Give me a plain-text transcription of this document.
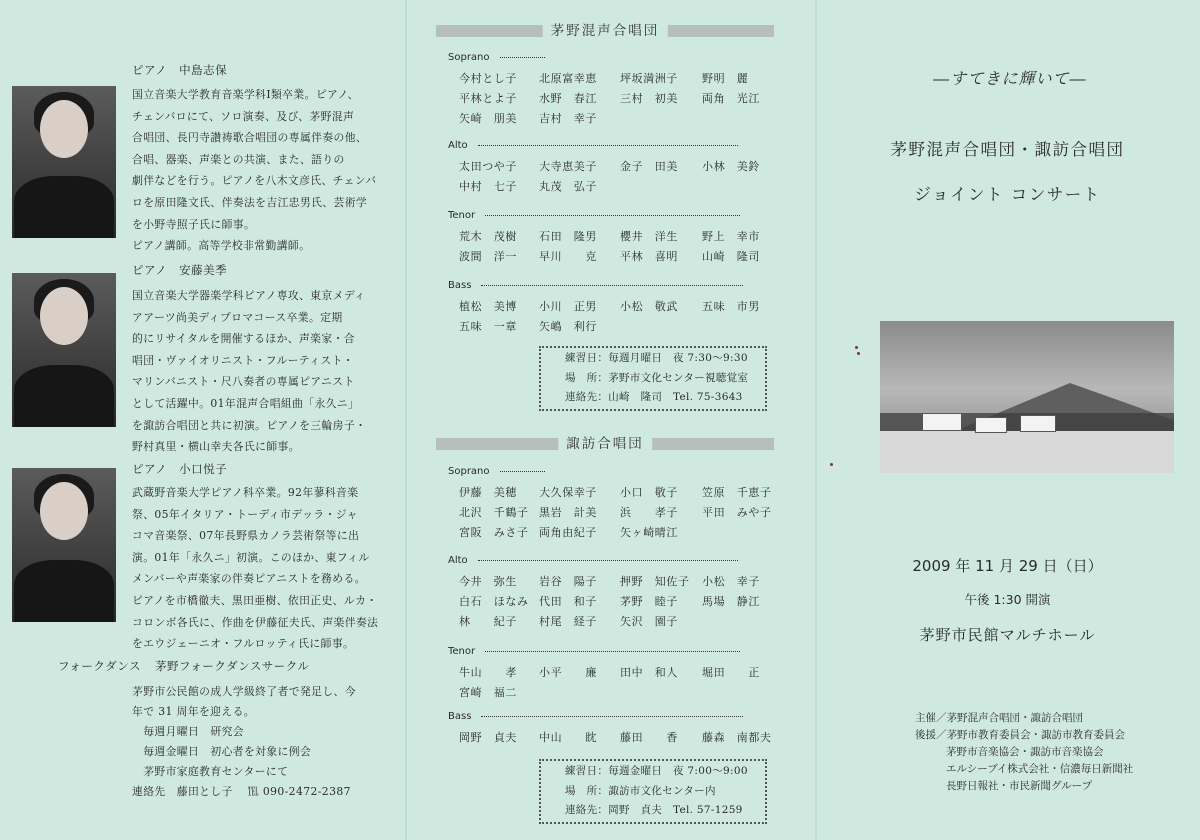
ピアノ 中島志保

国立音楽大学教育音楽学科Ⅰ類卒業。ピアノ、

チェンバロにて、ソロ演奏、及び、茅野混声

合唱団、長円寺讃祷歌合唱団の専属伴奏の他、

合唱、器楽、声楽との共演、また、語りの

劇伴などを行う。ピアノを八木文彦氏、チェンバ

ロを原田隆文氏、伴奏法を吉江忠男氏、芸術学

を小野寺照子氏に師事。

ピアノ講師。高等学校非常勤講師。

ピアノ 安藤美季

国立音楽大学器楽学科ピアノ専攻、東京メディ

アアーツ尚美ディプロマコース卒業。定期

的にリサイタルを開催するほか、声楽家・合

唱団・ヴァイオリニスト・フルーティスト・

マリンバニスト・尺八奏者の専属ピアニスト

として活躍中。01年混声合唱組曲「永久ニ」

を諏訪合唱団と共に初演。ピアノを三輪房子・

野村真里・横山幸夫各氏に師事。

ピアノ 小口悦子

武蔵野音楽大学ピアノ科卒業。92年蓼科音楽

祭、05年イタリア・トーディ市デッラ・ジャ

コマ音楽祭、07年長野県カノラ芸術祭等に出

演。01年「永久ニ」初演。このほか、東フィル

メンバーや声楽家の伴奏ピアニストを務める。

ピアノを市橋徹夫、黒田亜樹、依田正史、ルカ・

コロンボ各氏に、作曲を伊藤征夫氏、声楽伴奏法

をエウジェーニオ・フルロッティ氏に師事。

フォークダンス 茅野フォークダンスサークル
茅野市公民館の成人学級終了者で発足し、今
年で 31 周年を迎える。
　毎週月曜日　研究会
　毎週金曜日　初心者を対象に例会
　茅野市家庭教育センターにて
連絡先　藤田とし子　 ℡ 090-2472-2387
茅野混声合唱団
Soprano
今村とし子 北原富幸恵 坪坂満洲子 野明　麗
平林とよ子 水野　春江 三村　初美 両角　光江
矢崎　朋美 吉村　幸子
Alto
太田つや子 大寺恵美子 金子　田美 小林　美鈴
中村　七子 丸茂　弘子
Tenor
荒木　茂樹 石田　隆男 櫻井　洋生 野上　幸市
波間　洋一 早川　　克 平林　喜明 山崎　隆司
Bass
植松　美博 小川　正男 小松　敬武 五味　市男
五味　一章 矢嶋　利行
練習日：毎週月曜日　夜 7:30～9:30
場　所：茅野市文化センター視聴覚室
連絡先：山崎　隆司　Tel. 75-3643
諏訪合唱団
Soprano
伊藤　美穂 大久保幸子 小口　敬子 笠原　千恵子
北沢　千鶴子 黒岩　計美 浜　　孝子 平田　みや子
宮阪　みさ子 両角由紀子 矢ヶ崎晴江
Alto
今井　弥生 岩谷　陽子 押野　知佐子 小松　幸子
白石　ほなみ 代田　和子 茅野　睦子 馬場　静江
林　　紀子 村尾　経子 矢沢　園子
Tenor
牛山　　孝 小平　　廉 田中　和人 堀田　　正
宮崎　福二
Bass
岡野　貞夫 中山　　眈 藤田　　香 藤森　南都夫
練習日：毎週金曜日　夜 7:00～9:00
場　所：諏訪市文化センター内
連絡先：岡野　貞夫　Tel. 57-1259
―すてきに輝いて―
茅野混声合唱団・諏訪合唱団
ジョイント コンサート
2009 年 11 月 29 日（日）
午後 1:30 開演
茅野市民館マルチホール
主催／茅野混声合唱団・諏訪合唱団
後援／茅野市教育委員会・諏訪市教育委員会
茅野市音楽協会・諏訪市音楽協会
エルシーブイ株式会社・信濃毎日新聞社
長野日報社・市民新聞グループ
